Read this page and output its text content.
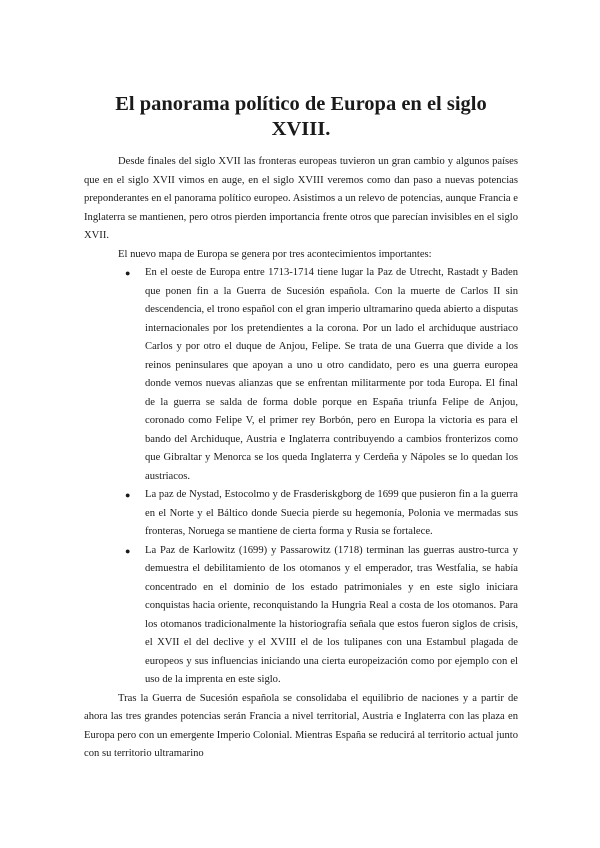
El panorama político de Europa en el siglo XVIII.

Desde finales del siglo XVII las fronteras europeas tuvieron un gran cambio y algunos países que en el siglo XVII vimos en auge, en el siglo XVIII veremos como dan paso a nuevas potencias preponderantes en el panorama político europeo. Asistimos a un relevo de potencias, aunque Francia e Inglaterra se mantienen, pero otros pierden importancia frente otros que parecían invisibles en el siglo XVII.

El nuevo mapa de Europa se genera por tres acontecimientos importantes:

● En el oeste de Europa entre 1713-1714 tiene lugar la Paz de Utrecht, Rastadt y Baden que ponen fin a la Guerra de Sucesión española. Con la muerte de Carlos II sin descendencia, el trono español con el gran imperio ultramarino queda abierto a disputas internacionales por los pretendientes a la corona. Por un lado el archiduque austriaco Carlos y por otro el duque de Anjou, Felipe. Se trata de una Guerra que divide a los reinos peninsulares que apoyan a uno u otro candidato, pero es una guerra europea donde vemos nuevas alianzas que se enfrentan militarmente por toda Europa. El final de la guerra se salda de forma doble porque en España triunfa Felipe de Anjou, coronado como Felipe V, el primer rey Borbón, pero en Europa la victoria es para el bando del Archiduque, Austria e Inglaterra contribuyendo a cambios fronterizos como que Gibraltar y Menorca se los queda Inglaterra y Cerdeña y Nápoles se lo quedan los austriacos.
● La paz de Nystad, Estocolmo y de Frasderiskgborg de 1699 que pusieron fin a la guerra en el Norte y el Báltico donde Suecia pierde su hegemonía, Polonia ve mermadas sus fronteras, Noruega se mantiene de cierta forma y Rusia se fortalece.
● La Paz de Karlowitz (1699) y Passarowitz (1718) terminan las guerras austro-turca y demuestra el debilitamiento de los otomanos y el emperador, tras Westfalia, se había concentrado en el dominio de los estado patrimoniales y en este siglo iniciara conquistas hacia oriente, reconquistando la Hungria Real a costa de los otomanos. Para los otomanos tradicionalmente la historiografía señala que estos fueron siglos de crisis, el XVII el del declive y el XVIII el de los tulipanes con una Estambul plagada de europeos y sus influencias iniciando una cierta europeización como por ejemplo con el uso de la imprenta en este siglo.

Tras la Guerra de Sucesión española se consolidaba el equilibrio de naciones y a partir de ahora las tres grandes potencias serán Francia a nivel territorial, Austria e Inglaterra con las plaza en Europa pero con un emergente Imperio Colonial. Mientras España se reducirá al territorio actual junto con su territorio ultramarino
